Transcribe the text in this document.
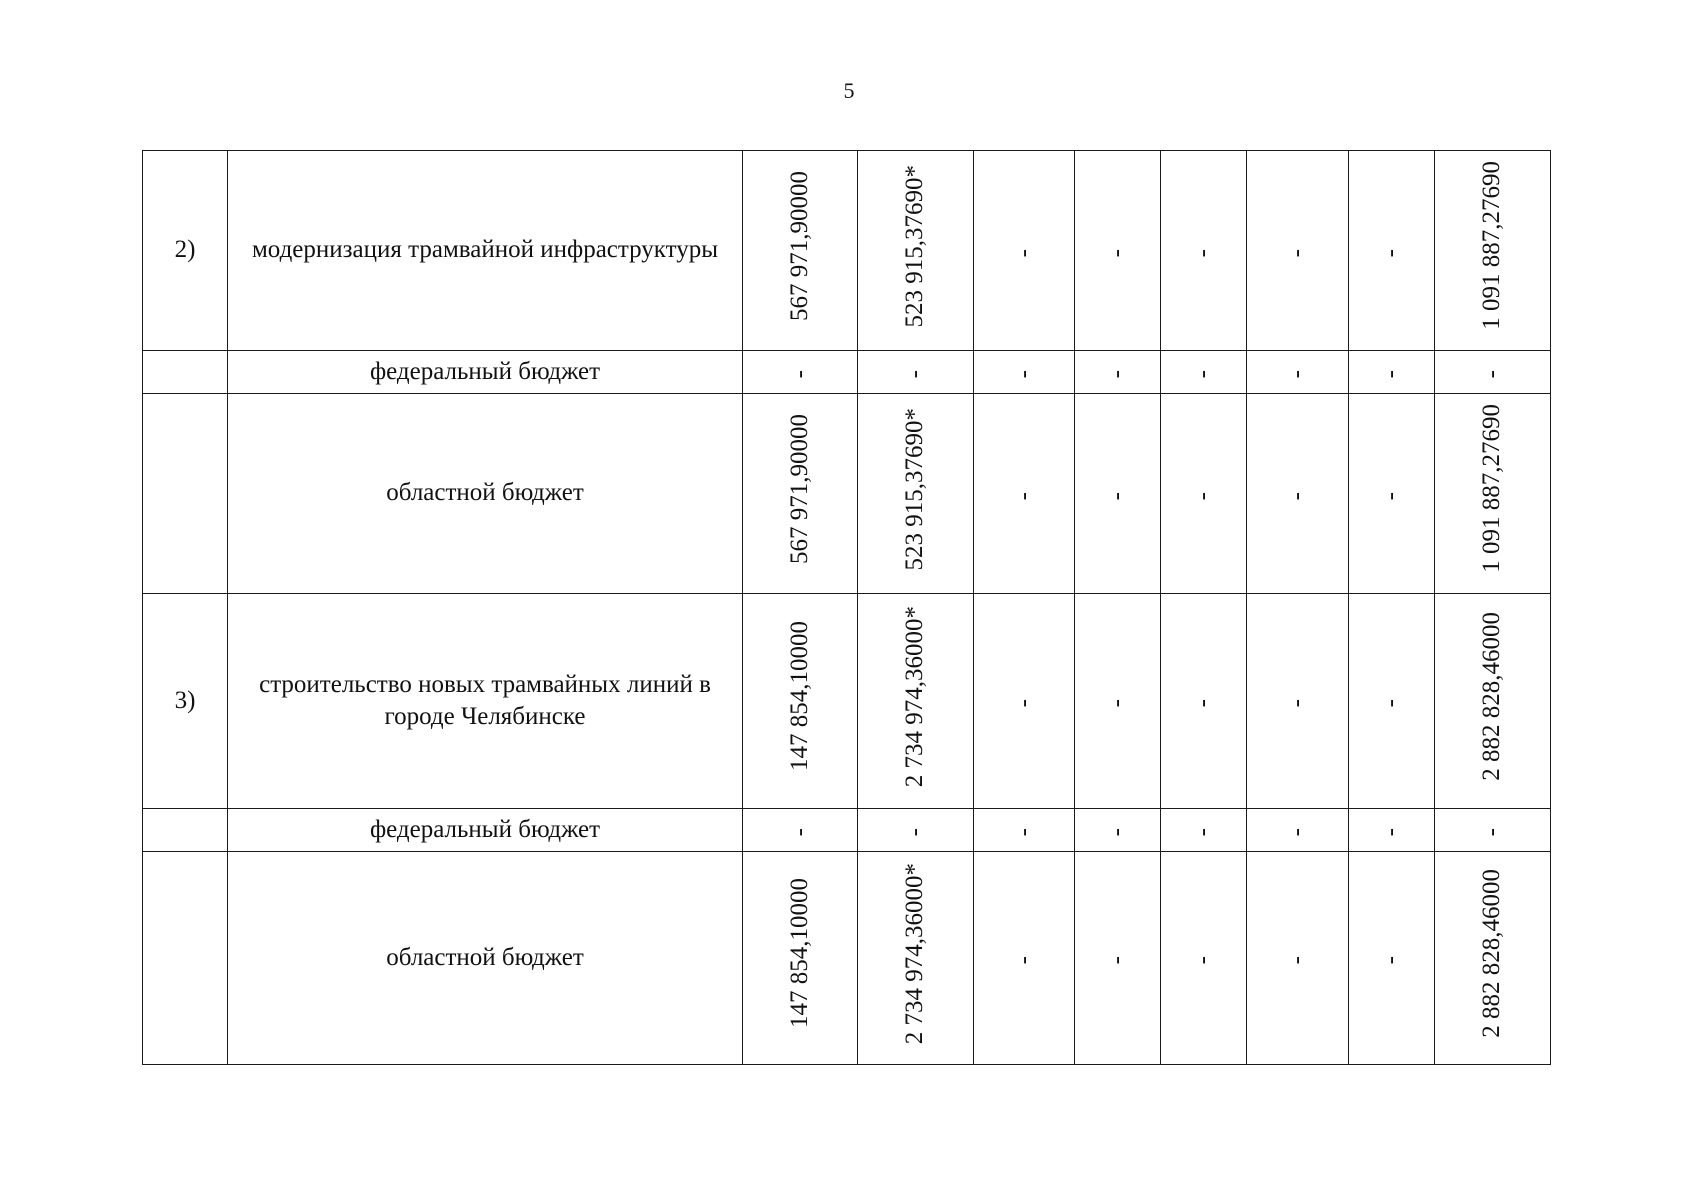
5
2)	модернизация трамвайной инфраструктуры	567 971,90000	523 915,37690*	-	-	-	-	-	1 091 887,27690
	федеральный бюджет	-	-	-	-	-	-	-	-
	областной бюджет	567 971,90000	523 915,37690*	-	-	-	-	-	1 091 887,27690
3)	строительство новых трамвайных линий в городе Челябинске	147 854,10000	2 734 974,36000*	-	-	-	-	-	2 882 828,46000
	федеральный бюджет	-	-	-	-	-	-	-	-
	областной бюджет	147 854,10000	2 734 974,36000*	-	-	-	-	-	2 882 828,46000
